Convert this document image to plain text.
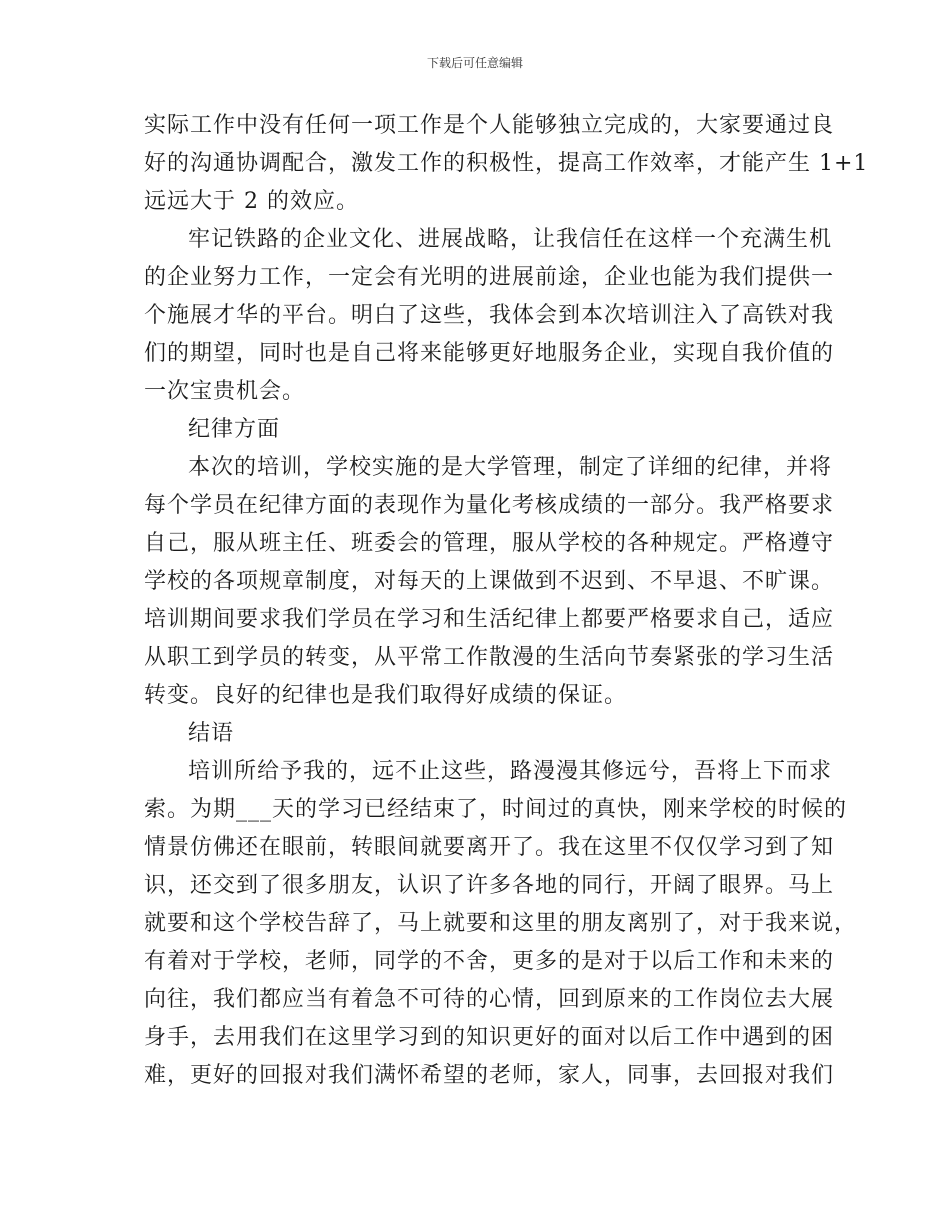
下载后可任意编辑
实际工作中没有任何一项工作是个人能够独立完成的，大家要通过良
好的沟通协调配合，激发工作的积极性，提高工作效率，才能产生 1+1
远远大于 2 的效应。
牢记铁路的企业文化、进展战略，让我信任在这样一个充满生机
的企业努力工作，一定会有光明的进展前途，企业也能为我们提供一
个施展才华的平台。明白了这些，我体会到本次培训注入了高铁对我
们的期望，同时也是自己将来能够更好地服务企业，实现自我价值的
一次宝贵机会。
纪律方面
本次的培训，学校实施的是大学管理，制定了详细的纪律，并将
每个学员在纪律方面的表现作为量化考核成绩的一部分。我严格要求
自己，服从班主任、班委会的管理，服从学校的各种规定。严格遵守
学校的各项规章制度，对每天的上课做到不迟到、不早退、不旷课。
培训期间要求我们学员在学习和生活纪律上都要严格要求自己，适应
从职工到学员的转变，从平常工作散漫的生活向节奏紧张的学习生活
转变。良好的纪律也是我们取得好成绩的保证。
结语
培训所给予我的，远不止这些，路漫漫其修远兮，吾将上下而求
索。为期___天的学习已经结束了，时间过的真快，刚来学校的时候的
情景仿佛还在眼前，转眼间就要离开了。我在这里不仅仅学习到了知
识，还交到了很多朋友，认识了许多各地的同行，开阔了眼界。马上
就要和这个学校告辞了，马上就要和这里的朋友离别了，对于我来说，
有着对于学校，老师，同学的不舍，更多的是对于以后工作和未来的
向往，我们都应当有着急不可待的心情，回到原来的工作岗位去大展
身手，去用我们在这里学习到的知识更好的面对以后工作中遇到的困
难，更好的回报对我们满怀希望的老师，家人，同事，去回报对我们
